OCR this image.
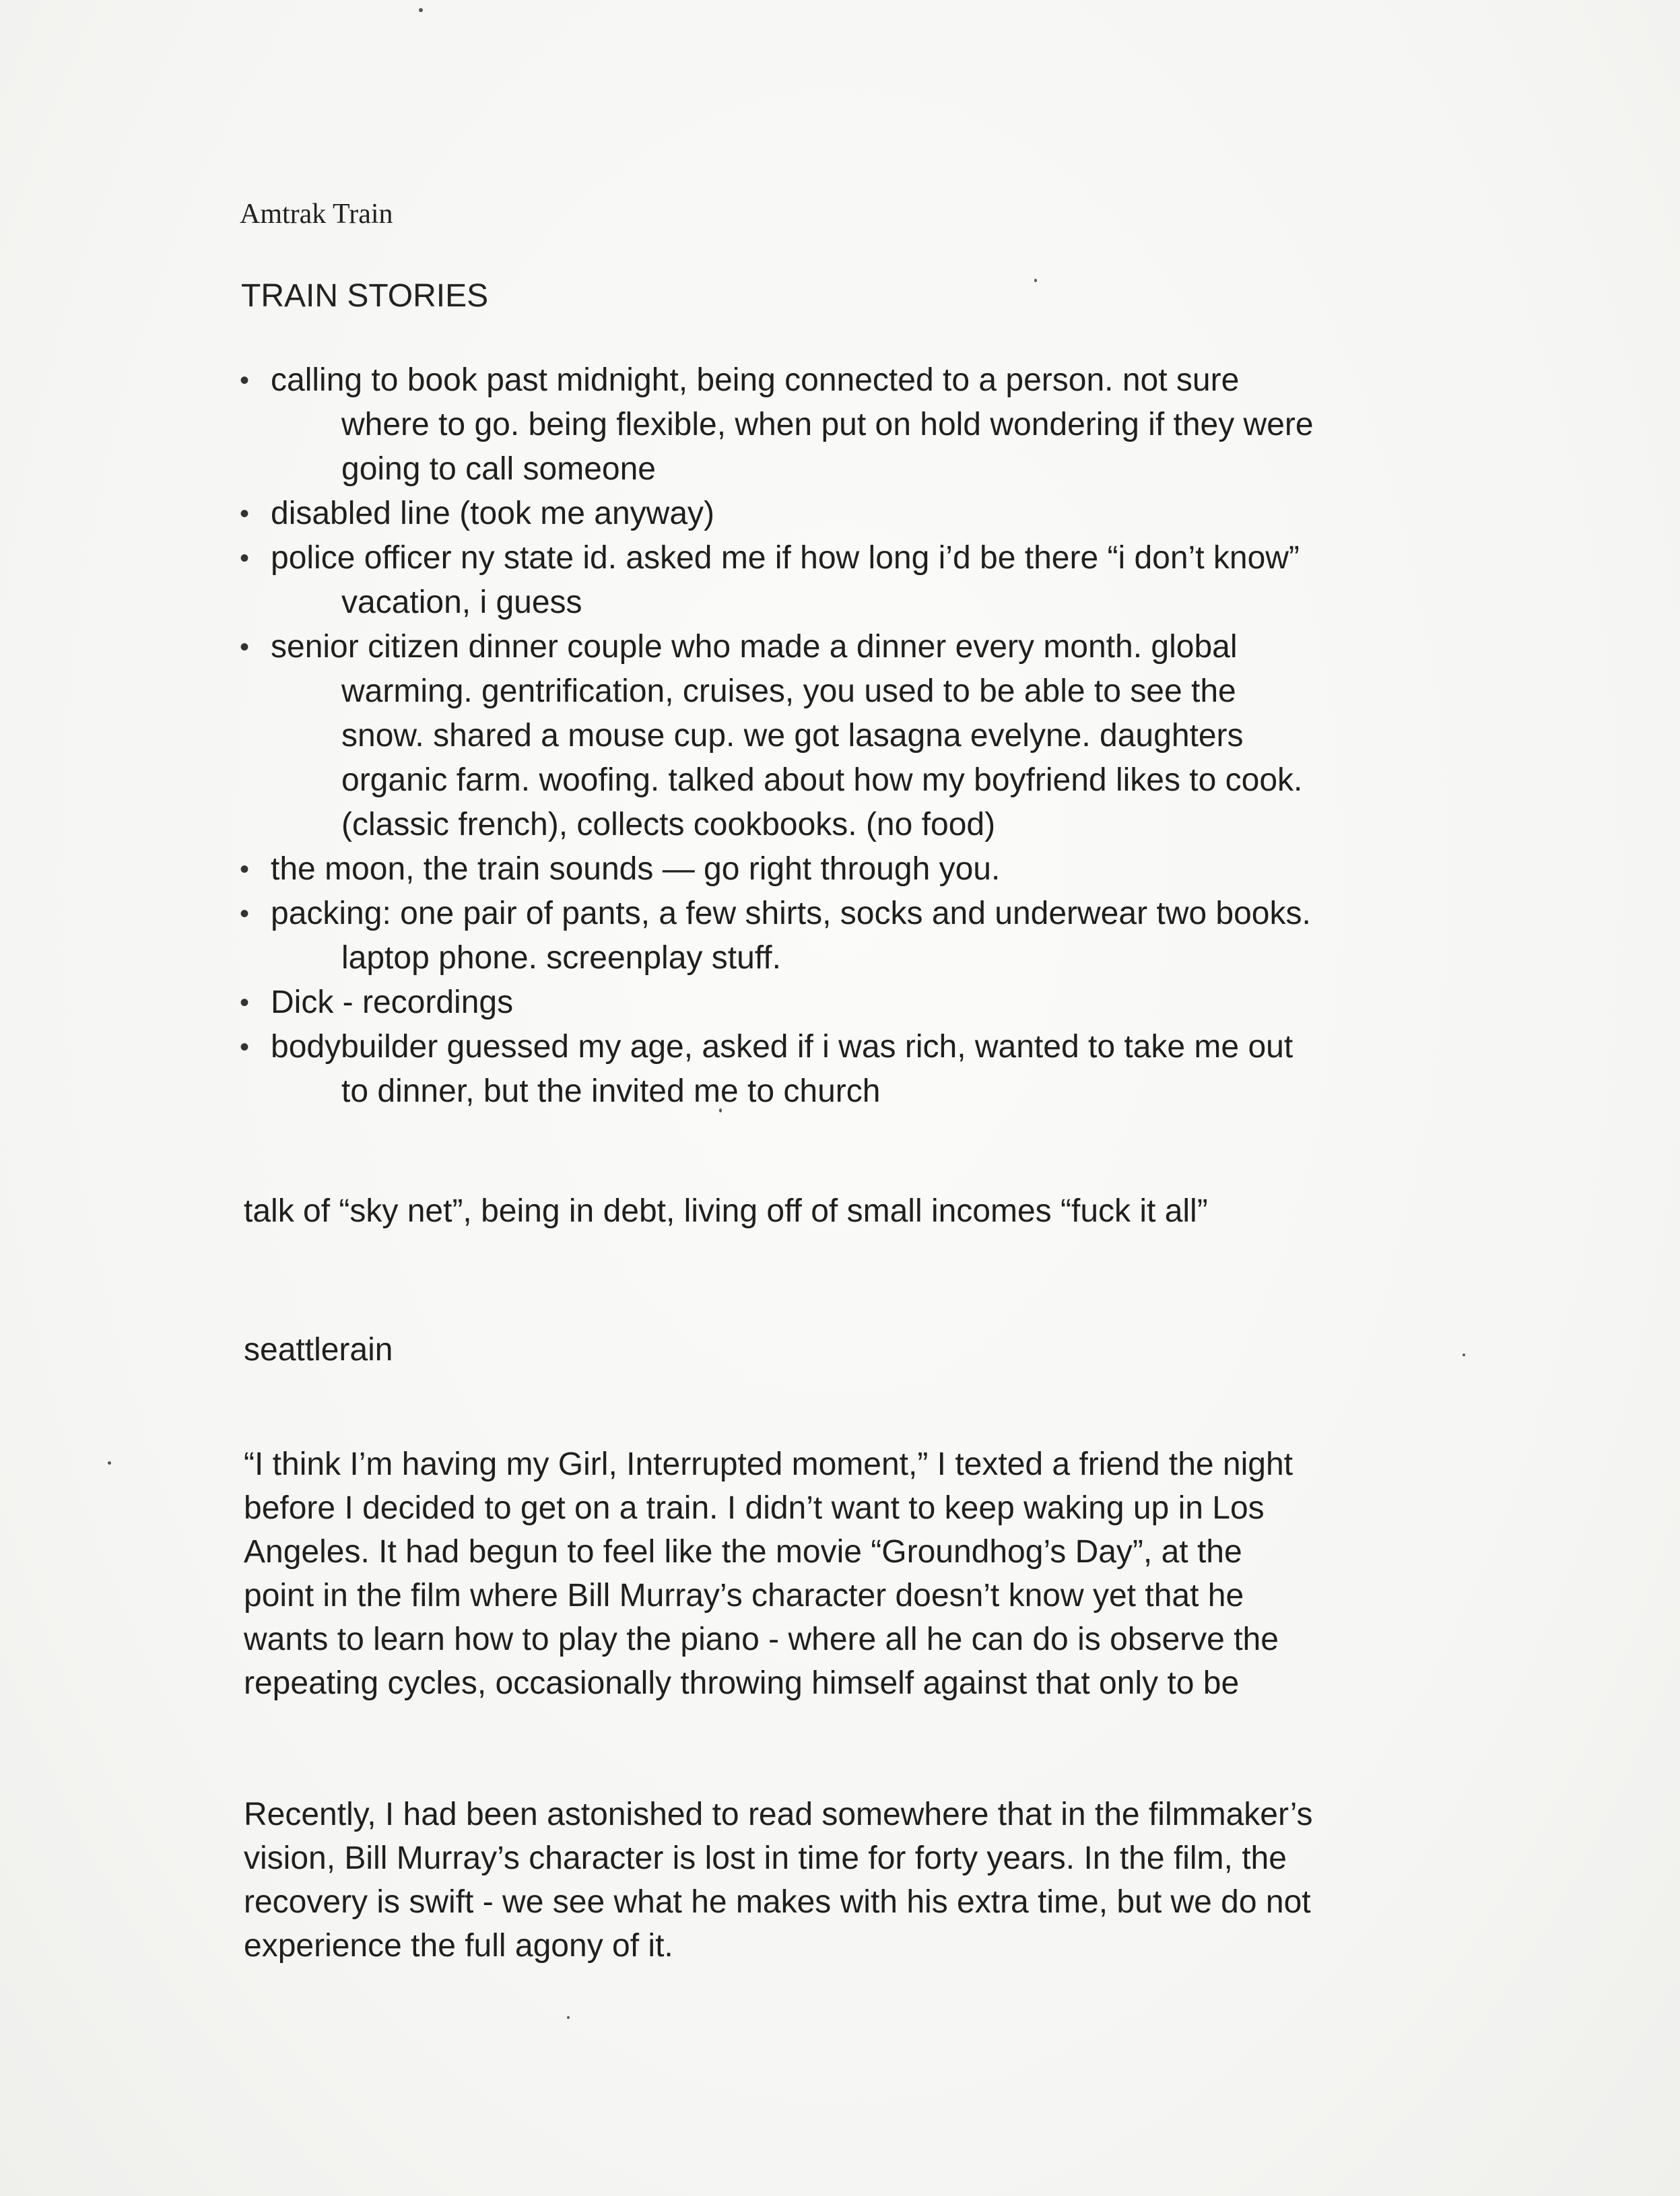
Amtrak Train
TRAIN STORIES
• calling to book past midnight, being connected to a person. not sure
where to go. being flexible, when put on hold wondering if they were
going to call someone
• disabled line (took me anyway)
• police officer ny state id. asked me if how long i’d be there “i don’t know”
vacation, i guess
• senior citizen dinner couple who made a dinner every month. global
warming. gentrification, cruises, you used to be able to see the
snow. shared a mouse cup. we got lasagna evelyne. daughters
organic farm. woofing. talked about how my boyfriend likes to cook.
(classic french), collects cookbooks. (no food)
• the moon, the train sounds — go right through you.
• packing: one pair of pants, a few shirts, socks and underwear two books.
laptop phone. screenplay stuff.
• Dick - recordings
• bodybuilder guessed my age, asked if i was rich, wanted to take me out
to dinner, but the invited me to church

talk of “sky net”, being in debt, living off of small incomes “fuck it all”

seattlerain

“I think I’m having my Girl, Interrupted moment,” I texted a friend the night
before I decided to get on a train. I didn’t want to keep waking up in Los
Angeles. It had begun to feel like the movie “Groundhog’s Day”, at the
point in the film where Bill Murray’s character doesn’t know yet that he
wants to learn how to play the piano - where all he can do is observe the
repeating cycles, occasionally throwing himself against that only to be

Recently, I had been astonished to read somewhere that in the filmmaker’s
vision, Bill Murray’s character is lost in time for forty years. In the film, the
recovery is swift - we see what he makes with his extra time, but we do not
experience the full agony of it.
